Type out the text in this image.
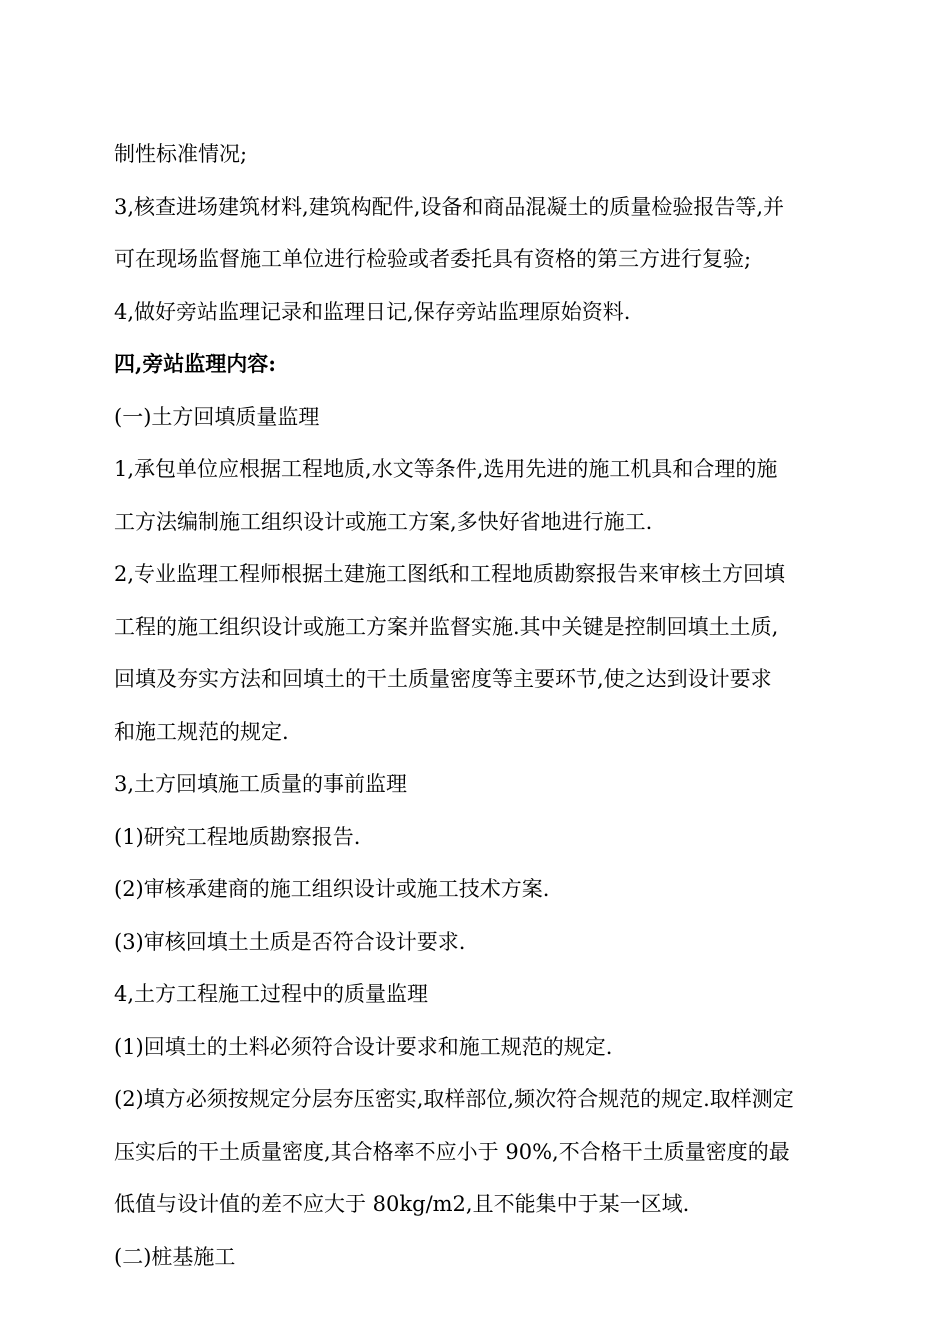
制性标准情况;
3,核查进场建筑材料,建筑构配件,设备和商品混凝土的质量检验报告等,并
可在现场监督施工单位进行检验或者委托具有资格的第三方进行复验;
4,做好旁站监理记录和监理日记,保存旁站监理原始资料.
四,旁站监理内容:
(一)土方回填质量监理
1,承包单位应根据工程地质,水文等条件,选用先进的施工机具和合理的施
工方法编制施工组织设计或施工方案,多快好省地进行施工.
2,专业监理工程师根据土建施工图纸和工程地质勘察报告来审核土方回填
工程的施工组织设计或施工方案并监督实施.其中关键是控制回填土土质,
回填及夯实方法和回填土的干土质量密度等主要环节,使之达到设计要求
和施工规范的规定.
3,土方回填施工质量的事前监理
(1)研究工程地质勘察报告.
(2)审核承建商的施工组织设计或施工技术方案.
(3)审核回填土土质是否符合设计要求.
4,土方工程施工过程中的质量监理
(1)回填土的土料必须符合设计要求和施工规范的规定.
(2)填方必须按规定分层夯压密实,取样部位,频次符合规范的规定.取样测定
压实后的干土质量密度,其合格率不应小于 90%,不合格干土质量密度的最
低值与设计值的差不应大于 80kg/m2,且不能集中于某一区域.
(二)桩基施工
